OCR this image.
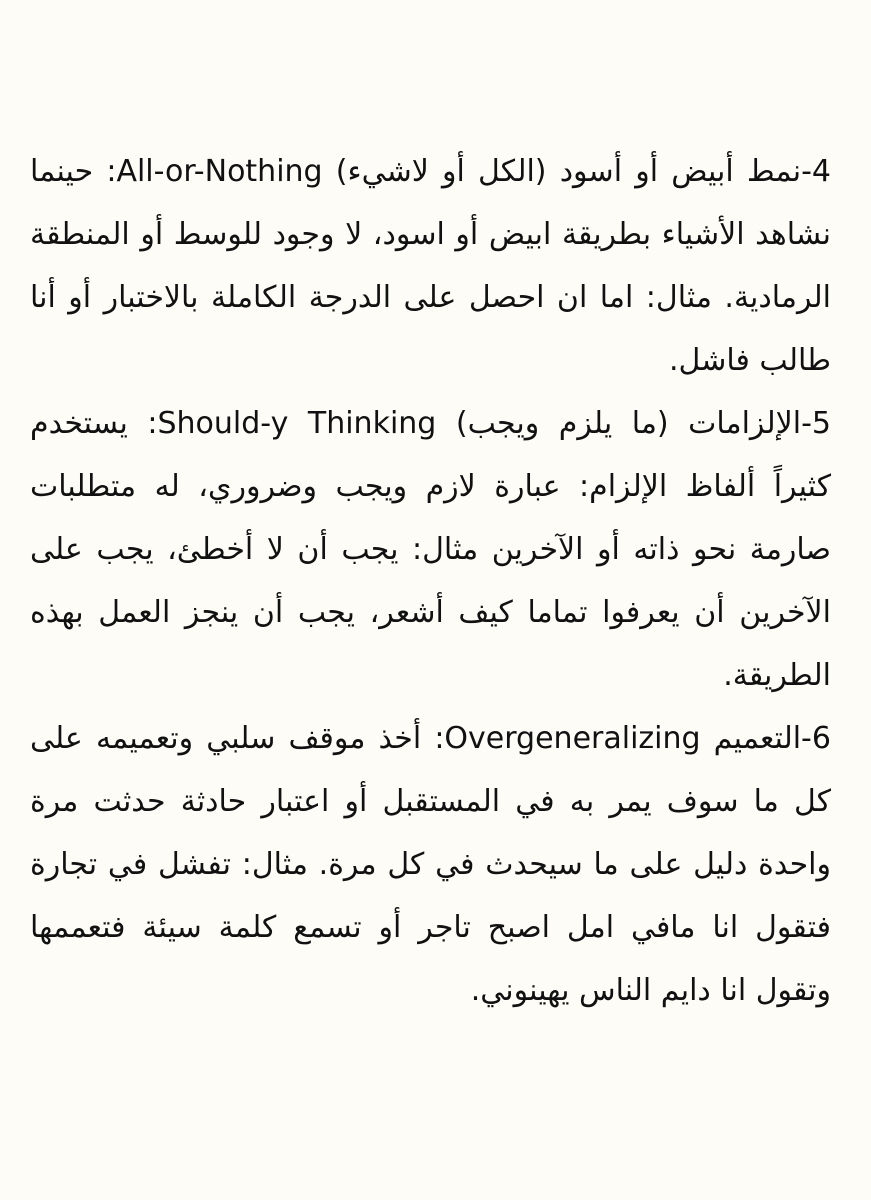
4-نمط أبيض أو أسود (الكل أو لاشيء) All-or-Nothing: حينما نشاهد الأشياء بطريقة ابيض أو اسود، لا وجود للوسط أو المنطقة الرمادية. مثال: اما ان احصل على الدرجة الكاملة بالاختبار أو أنا طالب فاشل.

5-الإلزامات (ما يلزم ويجب) Should-y Thinking: يستخدم كثيراً ألفاظ الإلزام: عبارة لازم ويجب وضروري، له متطلبات صارمة نحو ذاته أو الآخرين مثال: يجب أن لا أخطئ، يجب على الآخرين أن يعرفوا تماما كيف أشعر، يجب أن ينجز العمل بهذه الطريقة.

6-التعميم Overgeneralizing: أخذ موقف سلبي وتعميمه على كل ما سوف يمر به في المستقبل أو اعتبار حادثة حدثت مرة واحدة دليل على ما سيحدث في كل مرة. مثال: تفشل في تجارة فتقول انا مافي امل اصبح تاجر أو تسمع كلمة سيئة فتعممها وتقول انا دايم الناس يهينوني.
